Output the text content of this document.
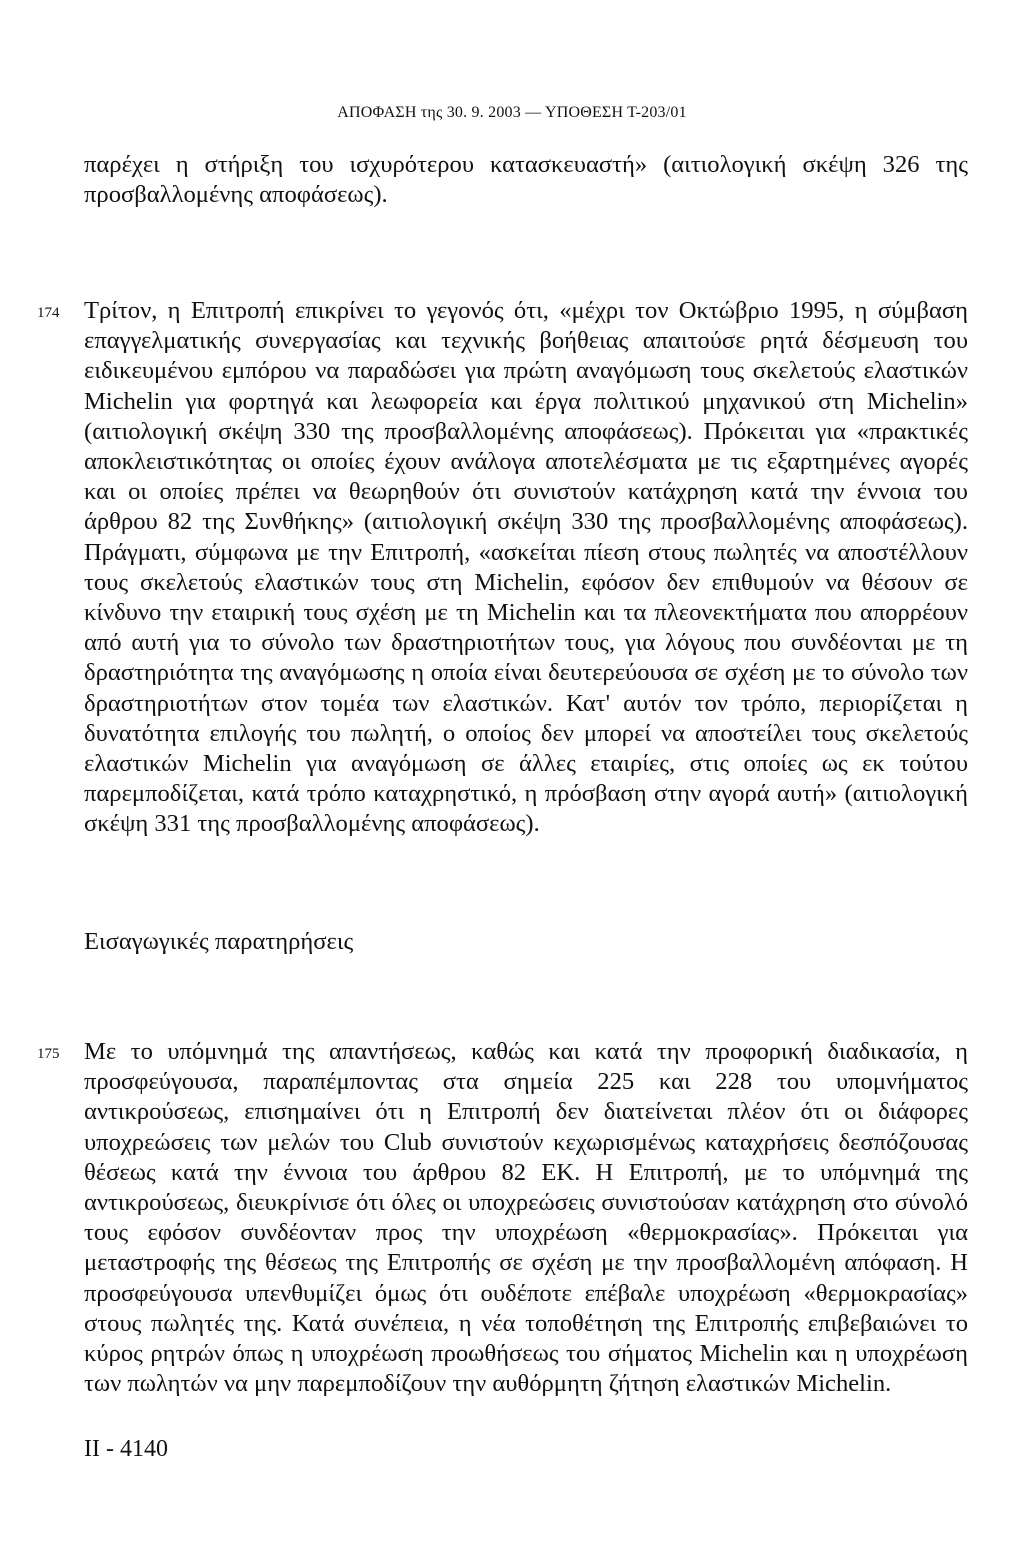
ΑΠΟΦΑΣΗ της 30. 9. 2003 — ΥΠΟΘΕΣΗ Τ-203/01

παρέχει η στήριξη του ισχυρότερου κατασκευαστή» (αιτιολογική σκέψη 326 της προσβαλλομένης αποφάσεως).

174 Τρίτον, η Επιτροπή επικρίνει το γεγονός ότι, «μέχρι τον Οκτώβριο 1995, η σύμβαση επαγγελματικής συνεργασίας και τεχνικής βοήθειας απαιτούσε ρητά δέσμευση του ειδικευμένου εμπόρου να παραδώσει για πρώτη αναγόμωση τους σκελετούς ελαστικών Michelin για φορτηγά και λεωφορεία και έργα πολιτικού μηχανικού στη Michelin» (αιτιολογική σκέψη 330 της προσβαλλομένης αποφάσεως). Πρόκειται για «πρακτικές αποκλειστικότητας οι οποίες έχουν ανάλογα αποτελέσματα με τις εξαρτημένες αγορές και οι οποίες πρέπει να θεωρηθούν ότι συνιστούν κατάχρηση κατά την έννοια του άρθρου 82 της Συνθήκης» (αιτιολογική σκέψη 330 της προσβαλλομένης αποφάσεως). Πράγματι, σύμφωνα με την Επιτροπή, «ασκείται πίεση στους πωλητές να αποστέλλουν τους σκελετούς ελαστικών τους στη Michelin, εφόσον δεν επιθυμούν να θέσουν σε κίνδυνο την εταιρική τους σχέση με τη Michelin και τα πλεονεκτήματα που απορρέουν από αυτή για το σύνολο των δραστηριοτήτων τους, για λόγους που συνδέονται με τη δραστηριότητα της αναγόμωσης η οποία είναι δευτερεύουσα σε σχέση με το σύνολο των δραστηριοτήτων στον τομέα των ελαστικών. Κατ' αυτόν τον τρόπο, περιορίζεται η δυνατότητα επιλογής του πωλητή, ο οποίος δεν μπορεί να αποστείλει τους σκελετούς ελαστικών Michelin για αναγόμωση σε άλλες εταιρίες, στις οποίες ως εκ τούτου παρεμποδίζεται, κατά τρόπο καταχρηστικό, η πρόσβαση στην αγορά αυτή» (αιτιολογική σκέψη 331 της προσβαλλομένης αποφάσεως).

Εισαγωγικές παρατηρήσεις
175 Με το υπόμνημά της απαντήσεως, καθώς και κατά την προφορική διαδικασία, η προσφεύγουσα, παραπέμποντας στα σημεία 225 και 228 του υπομνήματος αντικρούσεως, επισημαίνει ότι η Επιτροπή δεν διατείνεται πλέον ότι οι διάφορες υποχρεώσεις των μελών του Club συνιστούν κεχωρισμένως καταχρήσεις δεσπόζουσας θέσεως κατά την έννοια του άρθρου 82 ΕΚ. Η Επιτροπή, με το υπόμνημά της αντικρούσεως, διευκρίνισε ότι όλες οι υποχρεώσεις συνιστούσαν κατάχρηση στο σύνολό τους εφόσον συνδέονταν προς την υποχρέωση «θερμοκρασίας». Πρόκειται για μεταστροφής της θέσεως της Επιτροπής σε σχέση με την προσβαλλομένη απόφαση. Η προσφεύγουσα υπενθυμίζει όμως ότι ουδέποτε επέβαλε υποχρέωση «θερμοκρασίας» στους πωλητές της. Κατά συνέπεια, η νέα τοποθέτηση της Επιτροπής επιβεβαιώνει το κύρος ρητρών όπως η υποχρέωση προωθήσεως του σήματος Michelin και η υποχρέωση των πωλητών να μην παρεμποδίζουν την αυθόρμητη ζήτηση ελαστικών Michelin.

II - 4140
